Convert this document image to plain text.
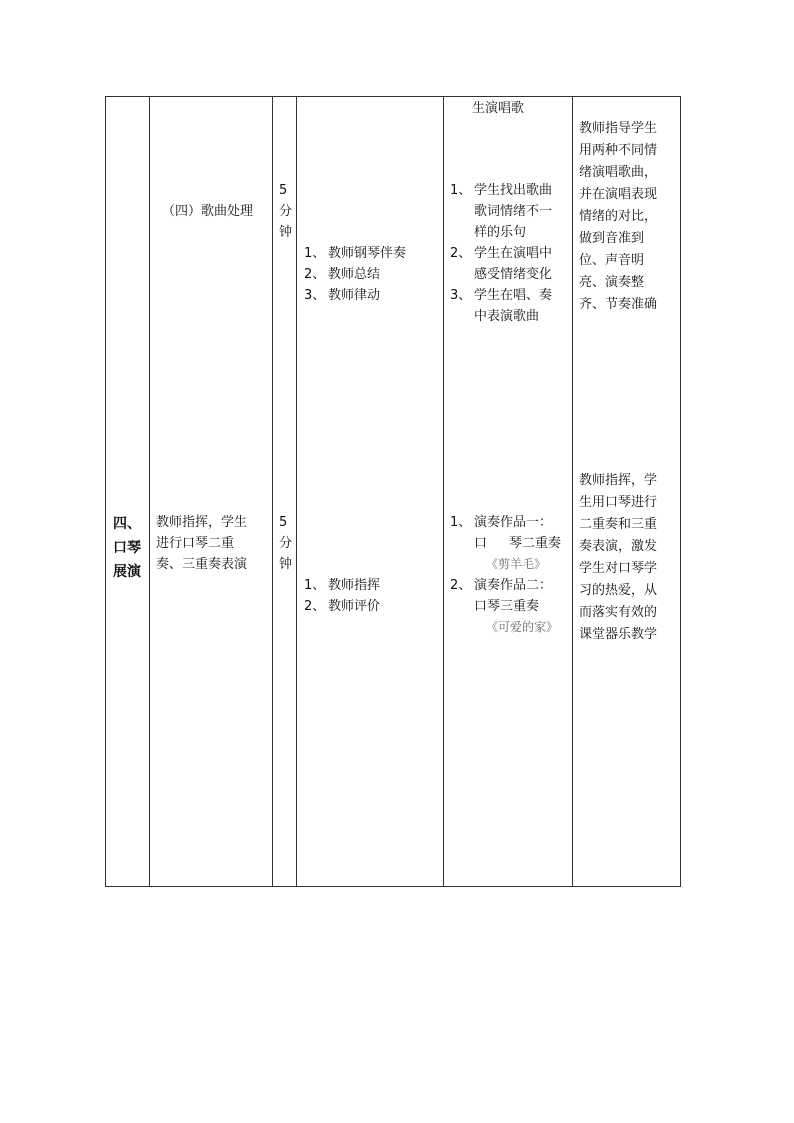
（四）歌曲处理
5
分
钟
1、 教师钢琴伴奏
2、 教师总结
3、 教师律动
生演唱歌
1、 学生找出歌曲
歌词情绪不一
样的乐句
2、 学生在演唱中
感受情绪变化
3、 学生在唱、奏
中表演歌曲
教师指导学生
用两种不同情
绪演唱歌曲，
并在演唱表现
情绪的对比，
做到音准到
位、声音明
亮、演奏整
齐、节奏准确
四、
口琴
展演
教师指挥，学生
进行口琴二重
奏、三重奏表演
5
分
钟
1、 教师指挥
2、 教师评价
1、 演奏作品一：
口 琴二重奏
《剪羊毛》
2、 演奏作品二：
口琴三重奏
《可爱的家》
教师指挥，学
生用口琴进行
二重奏和三重
奏表演，激发
学生对口琴学
习的热爱，从
而落实有效的
课堂器乐教学
